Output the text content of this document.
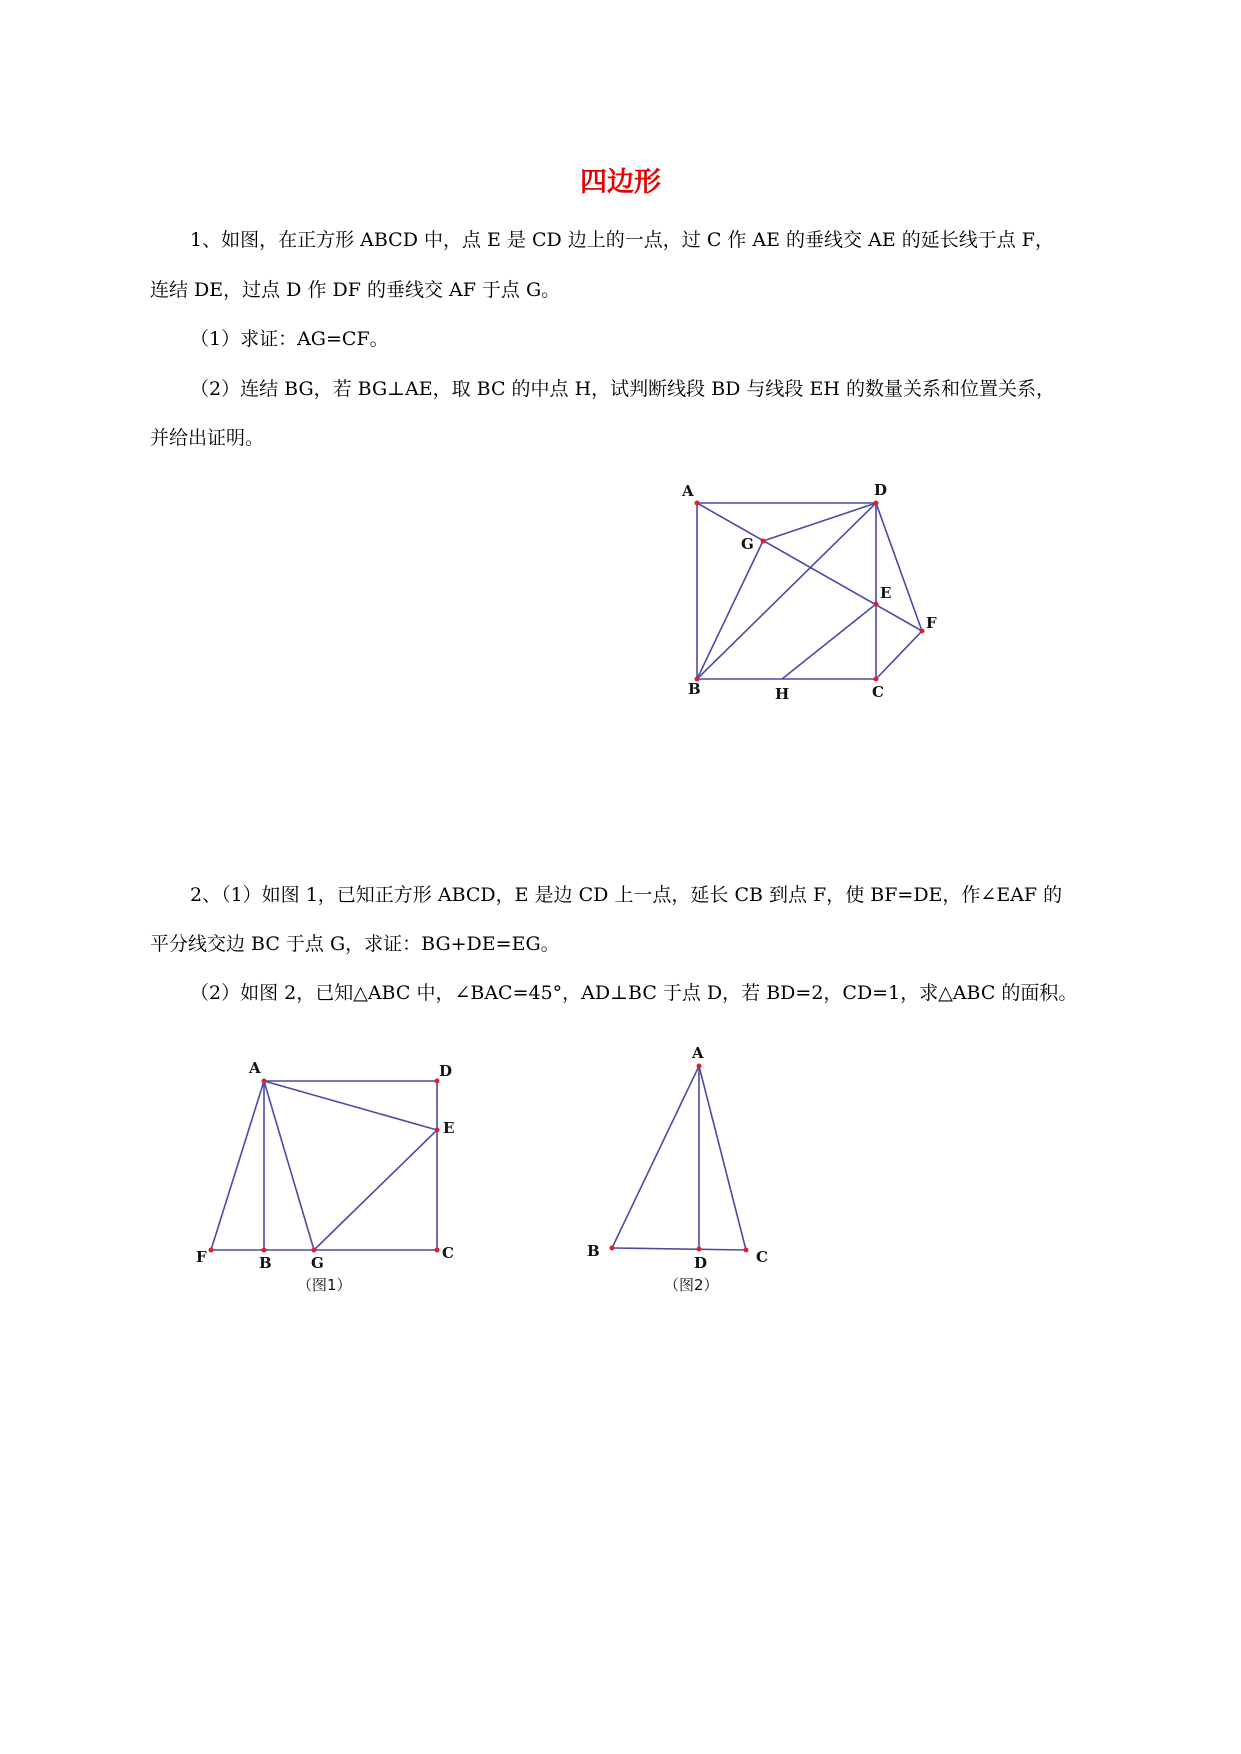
四边形
1、如图，在正方形 ABCD 中，点 E 是 CD 边上的一点，过 C 作 AE 的垂线交 AE 的延长线于点 F，
连结 DE，过点 D 作 DF 的垂线交 AF 于点 G。
（1）求证：AG=CF。
（2）连结 BG，若 BG⊥AE，取 BC 的中点 H，试判断线段 BD 与线段 EH 的数量关系和位置关系，
并给出证明。
2、（1）如图 1，已知正方形 ABCD，E 是边 CD 上一点，延长 CB 到点 F，使 BF=DE，作∠EAF 的
平分线交边 BC 于点 G，求证：BG+DE=EG。
（2）如图 2，已知△ABC 中，∠BAC=45°，AD⊥BC 于点 D，若 BD=2，CD=1，求△ABC 的面积。
A	D
G
E
F
B	H	C
A	D
E
F	B	G
C
（图1）
A
B
D	C
（图2）
